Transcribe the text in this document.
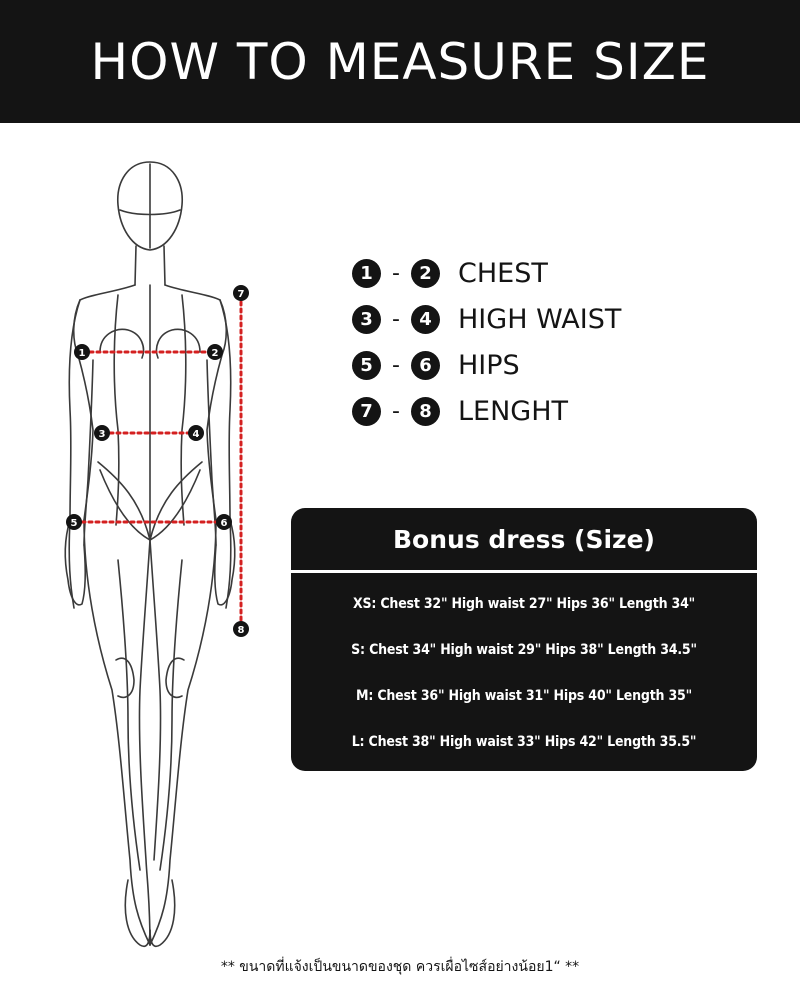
HOW TO MEASURE SIZE
1	2
3	4
5	6
7
8
1 -	2 CHEST
3 -	4 HIGH WAIST
5 -	6 HIPS
7 -	8 LENGHT
Bonus dress (Size)
XS: Chest 32" High waist 27" Hips 36" Length 34"
S: Chest 34" High waist 29" Hips 38" Length 34.5"
M: Chest 36" High waist 31" Hips 40" Length 35"
L: Chest 38" High waist 33" Hips 42" Length 35.5"
** ขนาดที่แจ้งเป็นขนาดของชุด ควรเผื่อไซส์อย่างน้อย1“ **
